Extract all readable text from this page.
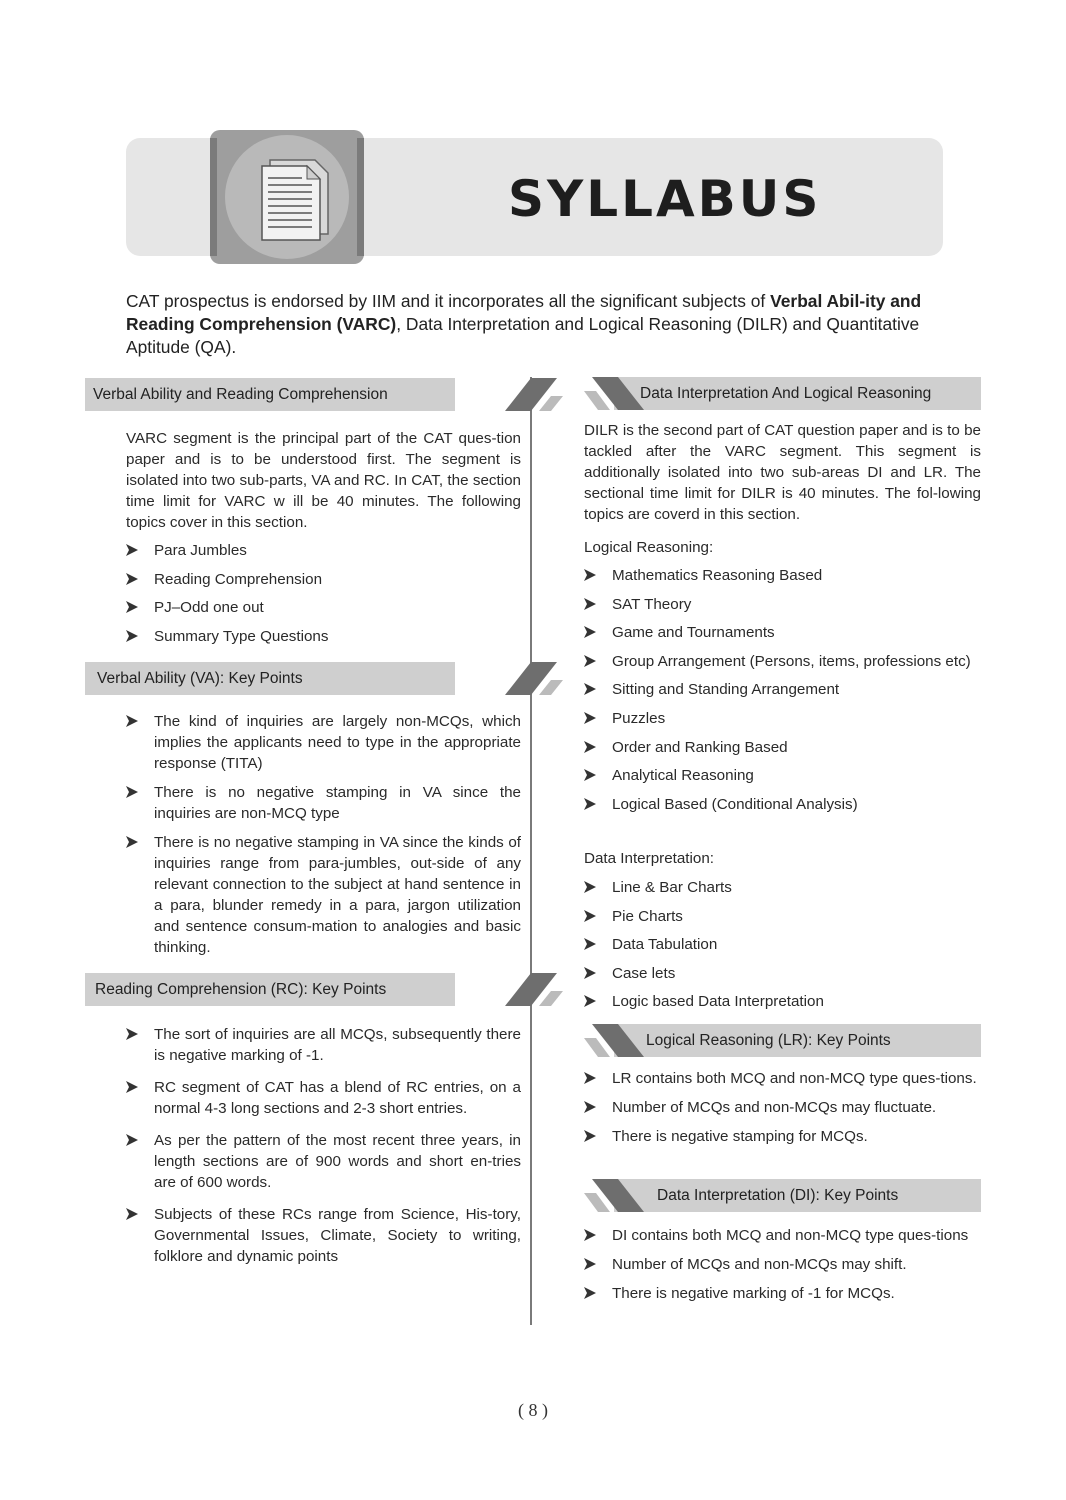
SYLLABUS
CAT prospectus is endorsed by IIM and it incorporates all the significant subjects of Verbal Abil-ity and Reading Comprehension (VARC), Data Interpretation and Logical Reasoning (DILR) and Quantitative Aptitude (QA).
Verbal Ability and Reading Comprehension
VARC segment is the principal part of the CAT ques-tion paper and is to be understood first. The segment is isolated into two sub-parts, VA and RC. In CAT, the section time limit for VARC w ill be 40 minutes. The following topics cover in this section.
Para Jumbles
Reading Comprehension
PJ–Odd one out
Summary Type Questions
Verbal Ability (VA): Key Points
The kind of inquiries are largely non-MCQs, which implies the applicants need to type in the appropriate response (TITA)
There is no negative stamping in VA since the inquiries are non-MCQ type
There is no negative stamping in VA since the kinds of inquiries range from para-jumbles, out-side of any relevant connection to the subject at hand sentence in a para, blunder remedy in a para, jargon utilization and sentence consum-mation to analogies and basic thinking.
Reading Comprehension (RC): Key Points
The sort of inquiries are all MCQs, subsequently there is negative marking of -1.
RC segment of CAT has a blend of RC entries, on a normal 4-3 long sections and 2-3 short entries.
As per the pattern of the most recent three years, in length sections are of 900 words and short en-tries are of 600 words.
Subjects of these RCs range from Science, His-tory, Governmental Issues, Climate, Society to writing, folklore and dynamic points
Data Interpretation And Logical Reasoning
DILR is the second part of CAT question paper and is to be tackled after the VARC segment. This segment is additionally isolated into two sub-areas DI and LR. The sectional time limit for DILR is 40 minutes. The fol-lowing topics are coverd in this section.
Logical Reasoning:
Mathematics Reasoning Based
SAT Theory
Game and Tournaments
Group Arrangement (Persons, items, professions etc)
Sitting and Standing Arrangement
Puzzles
Order and Ranking Based
Analytical Reasoning
Logical Based (Conditional Analysis)
Data Interpretation:
Line & Bar Charts
Pie Charts
Data Tabulation
Case lets
Logic based Data Interpretation
Logical Reasoning (LR): Key Points
LR contains both MCQ and non-MCQ type ques-tions.
Number of MCQs and non-MCQs may fluctuate.
There is negative stamping for MCQs.
Data Interpretation (DI): Key Points
DI contains both MCQ and non-MCQ type ques-tions
Number of MCQs and non-MCQs may shift.
There is negative marking of -1 for MCQs.
( 8 )
